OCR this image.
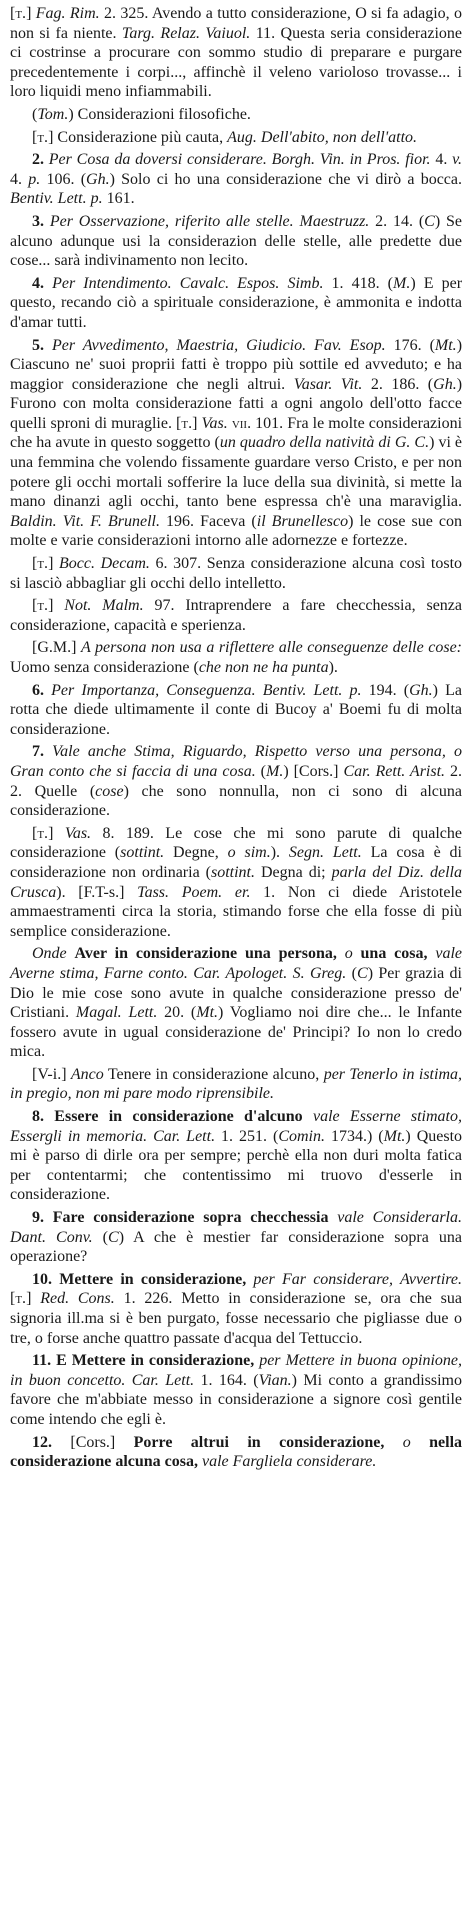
[t.] Fag. Rim. 2. 325. Avendo a tutto considerazione, O si fa adagio, o non si fa niente. Targ. Relaz. Vaiuol. 11. Questa seria considerazione ci costrinse a procurare con sommo studio di preparare e purgare precedentemente i corpi..., affinchè il veleno varioloso trovasse... i loro liquidi meno infiammabili.

(Tom.) Considerazioni filosofiche.

[t.] Considerazione più cauta, Aug. Dell'abito, non dell'atto.

2. Per Cosa da doversi considerare. Borgh. Vin. in Pros. fior. 4. v. 4. p. 106. (Gh.) Solo ci ho una considerazione che vi dirò a bocca. Bentiv. Lett. p. 161.

3. Per Osservazione, riferito alle stelle. Maestruzz. 2. 14. (C) Se alcuno adunque usi la considerazion delle stelle, alle predette due cose... sarà indivinamento non lecito.

4. Per Intendimento. Cavalc. Espos. Simb. 1. 418. (M.) E per questo, recando ciò a spirituale considerazione, è ammonita e indotta d'amar tutti.

5. Per Avvedimento, Maestria, Giudicio. Fav. Esop. 176. (Mt.) Ciascuno ne' suoi proprii fatti è troppo più sottile ed avveduto; e ha maggior considerazione che negli altrui. Vasar. Vit. 2. 186. (Gh.) Furono con molta considerazione fatti a ogni angolo dell'otto facce quelli sproni di muraglie. [t.] Vas. vii. 101. Fra le molte considerazioni che ha avute in questo soggetto (un quadro della natività di G. C.) vi è una femmina che volendo fissamente guardare verso Cristo, e per non potere gli occhi mortali sofferire la luce della sua divinità, si mette la mano dinanzi agli occhi, tanto bene espressa ch'è una maraviglia. Baldin. Vit. F. Brunell. 196. Faceva (il Brunellesco) le cose sue con molte e varie considerazioni intorno alle adornezze e fortezze.

[t.] Bocc. Decam. 6. 307. Senza considerazione alcuna così tosto si lasciò abbagliar gli occhi dello intelletto.

[t.] Not. Malm. 97. Intraprendere a fare checchessia, senza considerazione, capacità e sperienza.

[G.M.] A persona non usa a riflettere alle conseguenze delle cose: Uomo senza considerazione (che non ne ha punta).

6. Per Importanza, Conseguenza. Bentiv. Lett. p. 194. (Gh.) La rotta che diede ultimamente il conte di Bucoy a' Boemi fu di molta considerazione.

7. Vale anche Stima, Riguardo, Rispetto verso una persona, o Gran conto che si faccia di una cosa. (M.) [Cors.] Car. Rett. Arist. 2. 2. Quelle (cose) che sono nonnulla, non ci sono di alcuna considerazione.

[t.] Vas. 8. 189. Le cose che mi sono parute di qualche considerazione (sottint. Degne, o sim.). Segn. Lett. La cosa è di considerazione non ordinaria (sottint. Degna di; parla del Diz. della Crusca). [F.T-s.] Tass. Poem. er. 1. Non ci diede Aristotele ammaestramenti circa la storia, stimando forse che ella fosse di più semplice considerazione.

Onde Aver in considerazione una persona, o una cosa, vale Averne stima, Farne conto. Car. Apologet. S. Greg. (C) Per grazia di Dio le mie cose sono avute in qualche considerazione presso de' Cristiani. Magal. Lett. 20. (Mt.) Vogliamo noi dire che... le Infante fossero avute in ugual considerazione de' Principi? Io non lo credo mica.

[V-i.] Anco Tenere in considerazione alcuno, per Tenerlo in istima, in pregio, non mi pare modo riprensibile.

8. Essere in considerazione d'alcuno vale Esserne stimato, Essergli in memoria. Car. Lett. 1. 251. (Comin. 1734.) (Mt.) Questo mi è parso di dirle ora per sempre; perchè ella non duri molta fatica per contentarmi; che contentissimo mi truovo d'esserle in considerazione.

9. Fare considerazione sopra checchessia vale Considerarla. Dant. Conv. (C) A che è mestier far considerazione sopra una operazione?

10. Mettere in considerazione, per Far considerare, Avvertire. [t.] Red. Cons. 1. 226. Metto in considerazione se, ora che sua signoria ill.ma si è ben purgato, fosse necessario che pigliasse due o tre, o forse anche quattro passate d'acqua del Tettuccio.

11. E Mettere in considerazione, per Mettere in buona opinione, in buon concetto. Car. Lett. 1. 164. (Vian.) Mi conto a grandissimo favore che m'abbiate messo in considerazione a signore così gentile come intendo che egli è.

12. [Cors.] Porre altrui in considerazione, o nella considerazione alcuna cosa, vale Fargliela considerare.
